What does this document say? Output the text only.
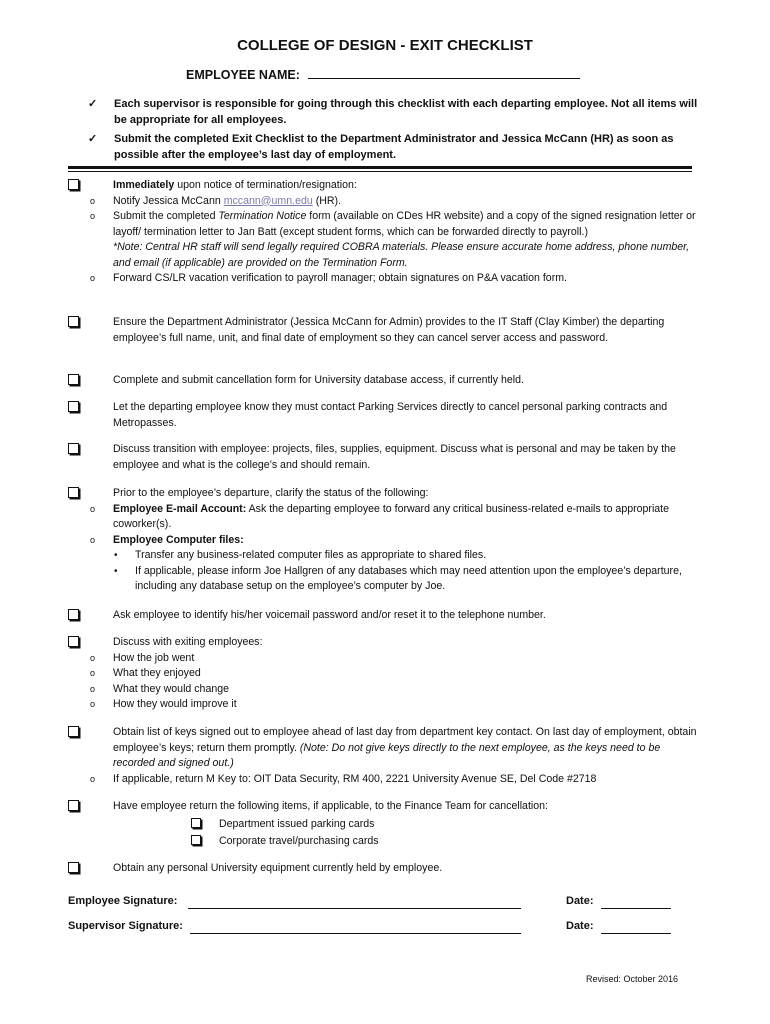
COLLEGE OF DESIGN - EXIT CHECKLIST
EMPLOYEE NAME:
✓ Each supervisor is responsible for going through this checklist with each departing employee. Not all items will be appropriate for all employees.
✓ Submit the completed Exit Checklist to the Department Administrator and Jessica McCann (HR) as soon as possible after the employee’s last day of employment.
Immediately upon notice of termination/resignation:
o Notify Jessica McCann mccann@umn.edu (HR).
o Submit the completed Termination Notice form (available on CDes HR website) and a copy of the signed resignation letter or layoff/ termination letter to Jan Batt (except student forms, which can be forwarded directly to payroll.)
*Note: Central HR staff will send legally required COBRA materials. Please ensure accurate home address, phone number, and email (if applicable) are provided on the Termination Form.
o Forward CS/LR vacation verification to payroll manager; obtain signatures on P&A vacation form.
Ensure the Department Administrator (Jessica McCann for Admin) provides to the IT Staff (Clay Kimber) the departing employee’s full name, unit, and final date of employment so they can cancel server access and password.
Complete and submit cancellation form for University database access, if currently held.
Let the departing employee know they must contact Parking Services directly to cancel personal parking contracts and Metropasses.
Discuss transition with employee: projects, files, supplies, equipment. Discuss what is personal and may be taken by the employee and what is the college’s and should remain.
Prior to the employee’s departure, clarify the status of the following:
o Employee E-mail Account: Ask the departing employee to forward any critical business-related e-mails to appropriate coworker(s).
o Employee Computer files:
• Transfer any business-related computer files as appropriate to shared files.
• If applicable, please inform Joe Hallgren of any databases which may need attention upon the employee’s departure, including any database setup on the employee’s computer by Joe.
Ask employee to identify his/her voicemail password and/or reset it to the telephone number.
Discuss with exiting employees:
o How the job went
o What they enjoyed
o What they would change
o How they would improve it
Obtain list of keys signed out to employee ahead of last day from department key contact. On last day of employment, obtain employee’s keys; return them promptly. (Note: Do not give keys directly to the next employee, as the keys need to be recorded and signed out.)
o If applicable, return M Key to: OIT Data Security, RM 400, 2221 University Avenue SE, Del Code #2718
Have employee return the following items, if applicable, to the Finance Team for cancellation:
Department issued parking cards
Corporate travel/purchasing cards
Obtain any personal University equipment currently held by employee.
Employee Signature:	Date:
Supervisor Signature:	Date:
Revised: October 2016
